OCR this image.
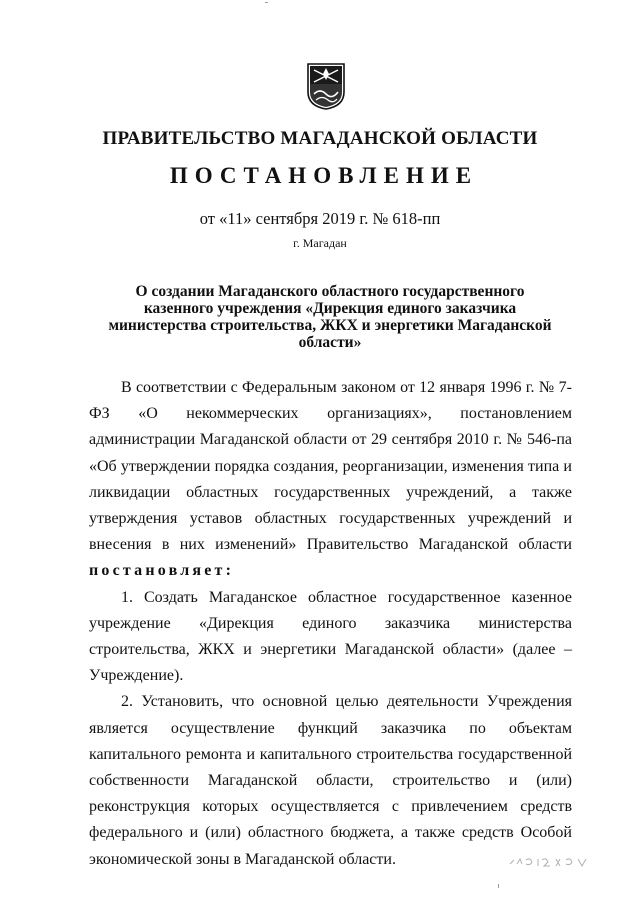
ПРАВИТЕЛЬСТВО МАГАДАНСКОЙ ОБЛАСТИ
ПОСТАНОВЛЕНИЕ
от «11» сентября 2019 г. № 618-пп
г. Магадан
О создании Магаданского областного государственного казенного учреждения «Дирекция единого заказчика министерства строительства, ЖКХ и энергетики Магаданской области»

В соответствии с Федеральным законом от 12 января 1996 г. № 7-ФЗ «О некоммерческих организациях», постановлением администрации Магаданской области от 29 сентября 2010 г. № 546-па «Об утверждении порядка создания, реорганизации, изменения типа и ликвидации областных государственных учреждений, а также утверждения уставов областных государственных учреждений и внесения в них изменений» Правительство Магаданской области

постановляет:

1. Создать Магаданское областное государственное казенное учреждение «Дирекция единого заказчика министерства строительства, ЖКХ и энергетики Магаданской области» (далее – Учреждение).

2. Установить, что основной целью деятельности Учреждения является осуществление функций заказчика по объектам капитального ремонта и капитального строительства государственной собственности Магаданской области, строительство и (или) реконструкция которых осуществляется с привлечением средств федерального и (или) областного бюджета, а также средств Особой экономической зоны в Магаданской области.
